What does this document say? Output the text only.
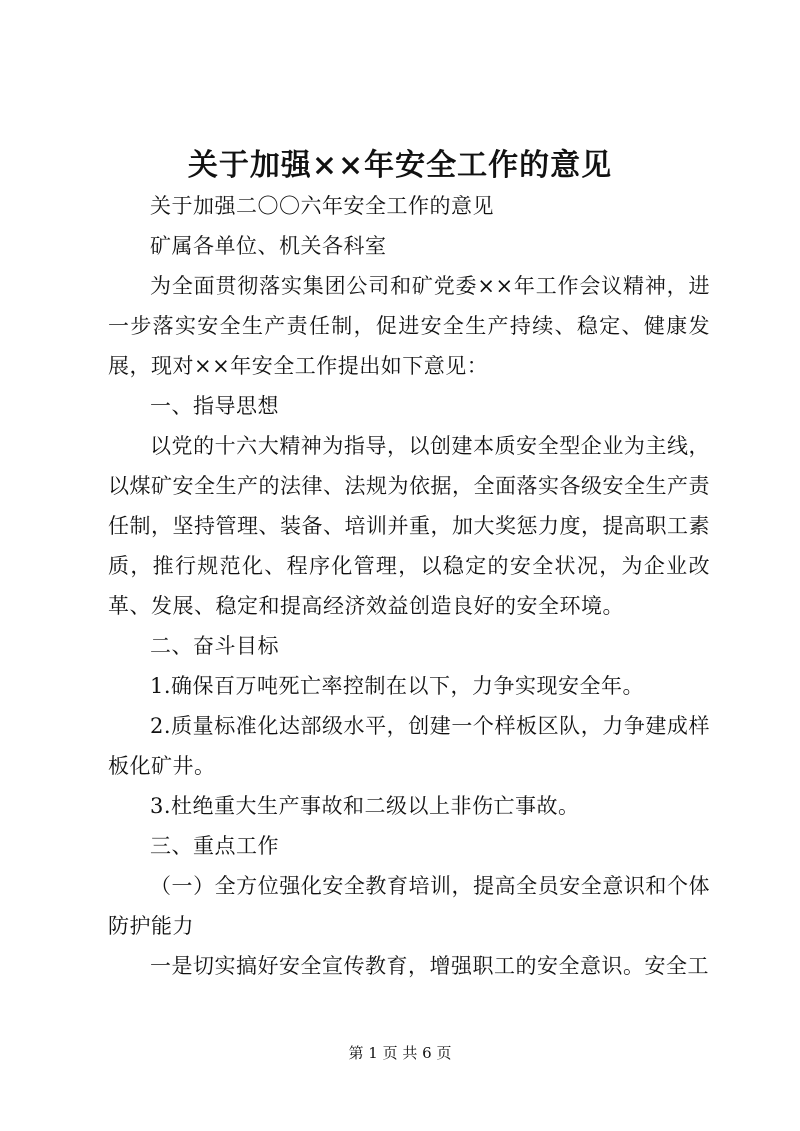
关于加强××年安全工作的意见

关于加强二〇〇六年安全工作的意见

矿属各单位、机关各科室

为全面贯彻落实集团公司和矿党委××年工作会议精神，进一步落实安全生产责任制，促进安全生产持续、稳定、健康发展，现对××年安全工作提出如下意见：

一、指导思想

以党的十六大精神为指导，以创建本质安全型企业为主线，以煤矿安全生产的法律、法规为依据，全面落实各级安全生产责任制，坚持管理、装备、培训并重，加大奖惩力度，提高职工素质，推行规范化、程序化管理，以稳定的安全状况，为企业改革、发展、稳定和提高经济效益创造良好的安全环境。

二、奋斗目标

1.确保百万吨死亡率控制在以下，力争实现安全年。

2.质量标准化达部级水平，创建一个样板区队，力争建成样板化矿井。

3.杜绝重大生产事故和二级以上非伤亡事故。

三、重点工作

（一）全方位强化安全教育培训，提高全员安全意识和个体防护能力

一是切实搞好安全宣传教育，增强职工的安全意识。安全工

第 1 页 共 6 页
